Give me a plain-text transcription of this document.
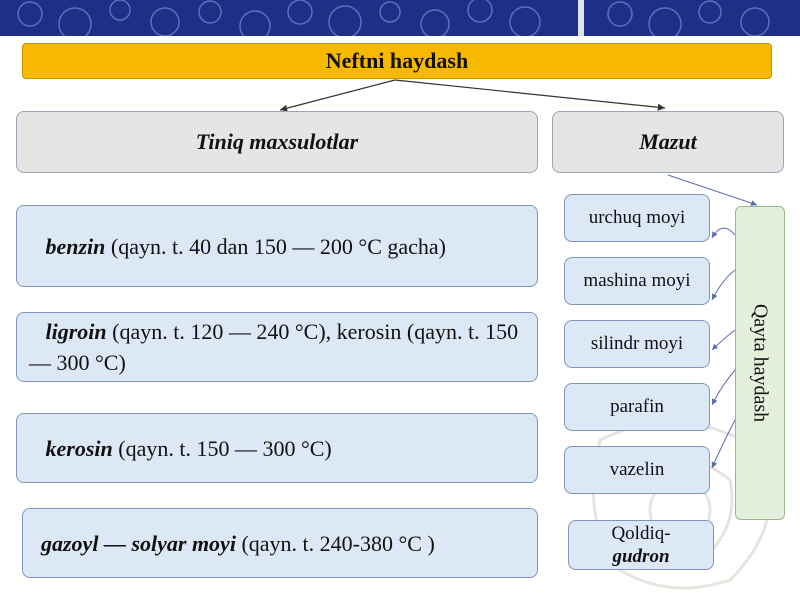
Neftni haydash
Tiniq maxsulotlar	Mazut
benzin (qayn. t. 40 dan 150 — 200 °C gacha)
ligroin (qayn. t. 120 — 240 °C), kerosin (qayn. t. 150 — 300 °C)
kerosin (qayn. t. 150 — 300 °C)
gazoyl — solyar moyi (qayn. t. 240-380 °C )
urchuq moyi
mashina moyi
silindr moyi
parafin
vazelin
Qoldiq-
gudron
Qayta haydash
